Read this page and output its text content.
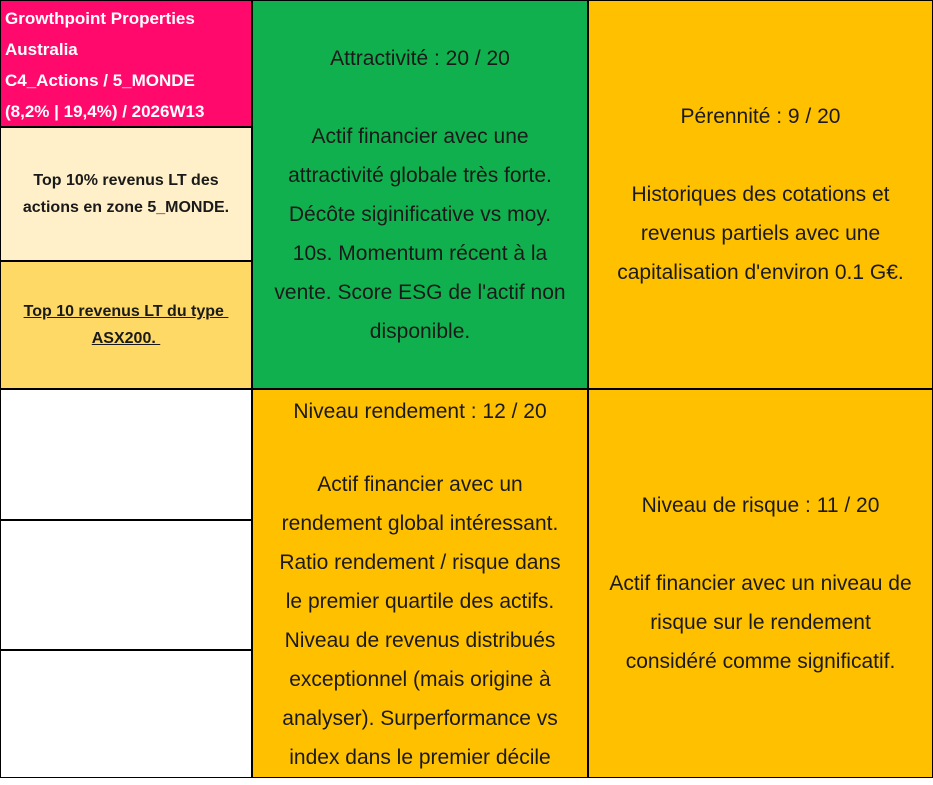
Growthpoint Properties
Australia
C4_Actions / 5_MONDE
(8,2% | 19,4%) / 2026W13
Top 10% revenus LT des
actions en zone 5_MONDE.
Top 10 revenus LT du type
ASX200.
Attractivité : 20 / 20
Actif financier avec une
attractivité globale très forte.
Décôte siginificative vs moy.
10s. Momentum récent à la
vente. Score ESG de l'actif non
disponible.
Pérennité : 9 / 20
Historiques des cotations et
revenus partiels avec une
capitalisation d'environ 0.1 G€.
Niveau rendement : 12 / 20
Actif financier avec un
rendement global intéressant.
Ratio rendement / risque dans
le premier quartile des actifs.
Niveau de revenus distribués
exceptionnel (mais origine à
analyser). Surperformance vs
index dans le premier décile
Niveau de risque : 11 / 20
Actif financier avec un niveau de
risque sur le rendement
considéré comme significatif.
